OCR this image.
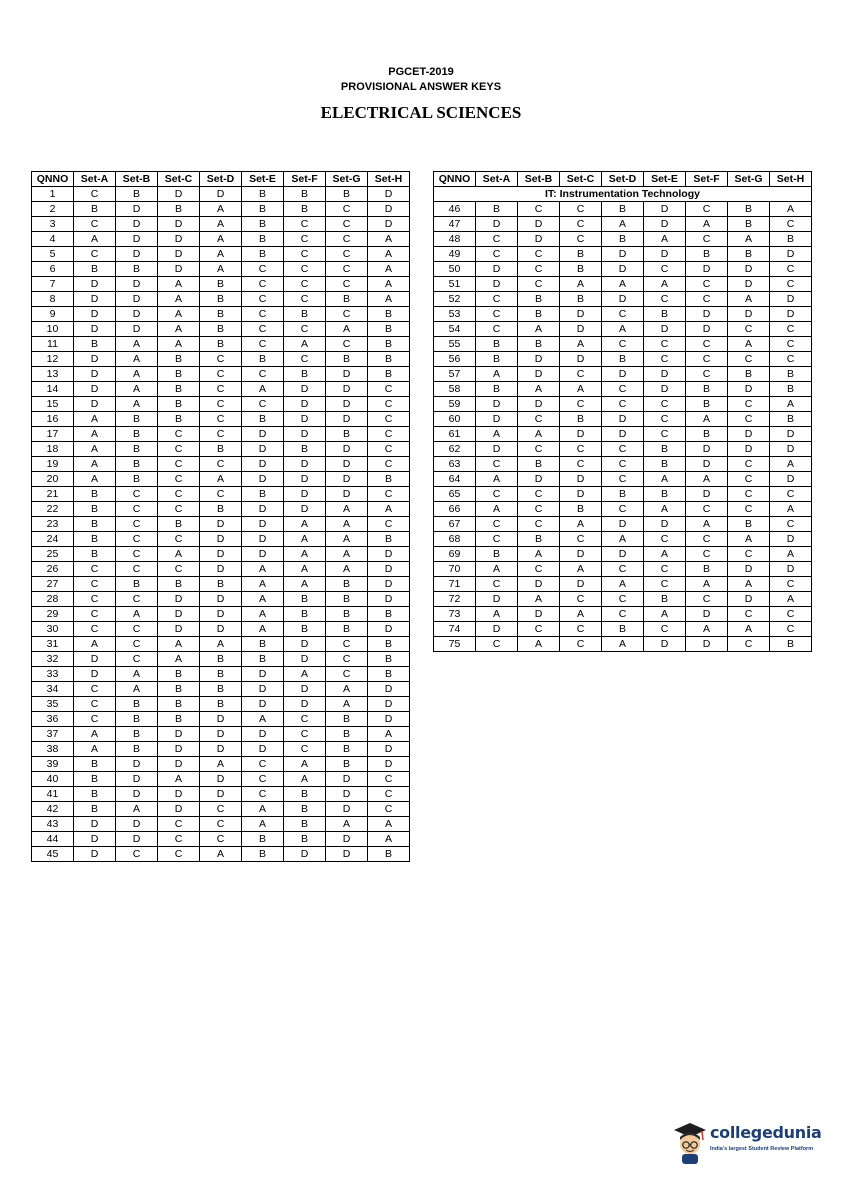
PGCET-2019
PROVISIONAL ANSWER KEYS
ELECTRICAL SCIENCES
QNNO	Set-A	Set-B	Set-C	Set-D	Set-E	Set-F	Set-G	Set-H
1	C	B	D	D	B	B	B	D
2	B	D	B	A	B	B	C	D
3	C	D	D	A	B	C	C	D
4	A	D	D	A	B	C	C	A
5	C	D	D	A	B	C	C	A
6	B	B	D	A	C	C	C	A
7	D	D	A	B	C	C	C	A
8	D	D	A	B	C	C	B	A
9	D	D	A	B	C	B	C	B
10	D	D	A	B	C	C	A	B
11	B	A	A	B	C	A	C	B
12	D	A	B	C	B	C	B	B
13	D	A	B	C	C	B	D	B
14	D	A	B	C	A	D	D	C
15	D	A	B	C	C	D	D	C
16	A	B	B	C	B	D	D	C
17	A	B	C	C	D	D	B	C
18	A	B	C	B	D	B	D	C
19	A	B	C	C	D	D	D	C
20	A	B	C	A	D	D	D	B
21	B	C	C	C	B	D	D	C
22	B	C	C	B	D	D	A	A
23	B	C	B	D	D	A	A	C
24	B	C	C	D	D	A	A	B
25	B	C	A	D	D	A	A	D
26	C	C	C	D	A	A	A	D
27	C	B	B	B	A	A	B	D
28	C	C	D	D	A	B	B	D
29	C	A	D	D	A	B	B	B
30	C	C	D	D	A	B	B	D
31	A	C	A	A	B	D	C	B
32	D	C	A	B	B	D	C	B
33	D	A	B	B	D	A	C	B
34	C	A	B	B	D	D	A	D
35	C	B	B	B	D	D	A	D
36	C	B	B	D	A	C	B	D
37	A	B	D	D	D	C	B	A
38	A	B	D	D	D	C	B	D
39	B	D	D	A	C	A	B	D
40	B	D	A	D	C	A	D	C
41	B	D	D	D	C	B	D	C
42	B	A	D	C	A	B	D	C
43	D	D	C	C	A	B	A	A
44	D	D	C	C	B	B	D	A
45	D	C	C	A	B	D	D	B
QNNO	Set-A	Set-B	Set-C	Set-D	Set-E	Set-F	Set-G	Set-H
IT: Instrumentation Technology								
46	B	C	C	B	D	C	B	A
47	D	D	C	A	D	A	B	C
48	C	D	C	B	A	C	A	B
49	C	C	B	D	D	B	B	D
50	D	C	B	D	C	D	D	C
51	D	C	A	A	A	C	D	C
52	C	B	B	D	C	C	A	D
53	C	B	D	C	B	D	D	D
54	C	A	D	A	D	D	C	C
55	B	B	A	C	C	C	A	C
56	B	D	D	B	C	C	C	C
57	A	D	C	D	D	C	B	B
58	B	A	A	C	D	B	D	B
59	D	D	C	C	C	B	C	A
60	D	C	B	D	C	A	C	B
61	A	A	D	D	C	B	D	D
62	D	C	C	C	B	D	D	D
63	C	B	C	C	B	D	C	A
64	A	D	D	C	A	A	C	D
65	C	C	D	B	B	D	C	C
66	A	C	B	C	A	C	C	A
67	C	C	A	D	D	A	B	C
68	C	B	C	A	C	C	A	D
69	B	A	D	D	A	C	C	A
70	A	C	A	C	C	B	D	D
71	C	D	D	A	C	A	A	C
72	D	A	C	C	B	C	D	A
73	A	D	A	C	A	D	C	C
74	D	C	C	B	C	A	A	C
75	C	A	C	A	D	D	C	B
collegedunia
India's largest Student Review Platform
